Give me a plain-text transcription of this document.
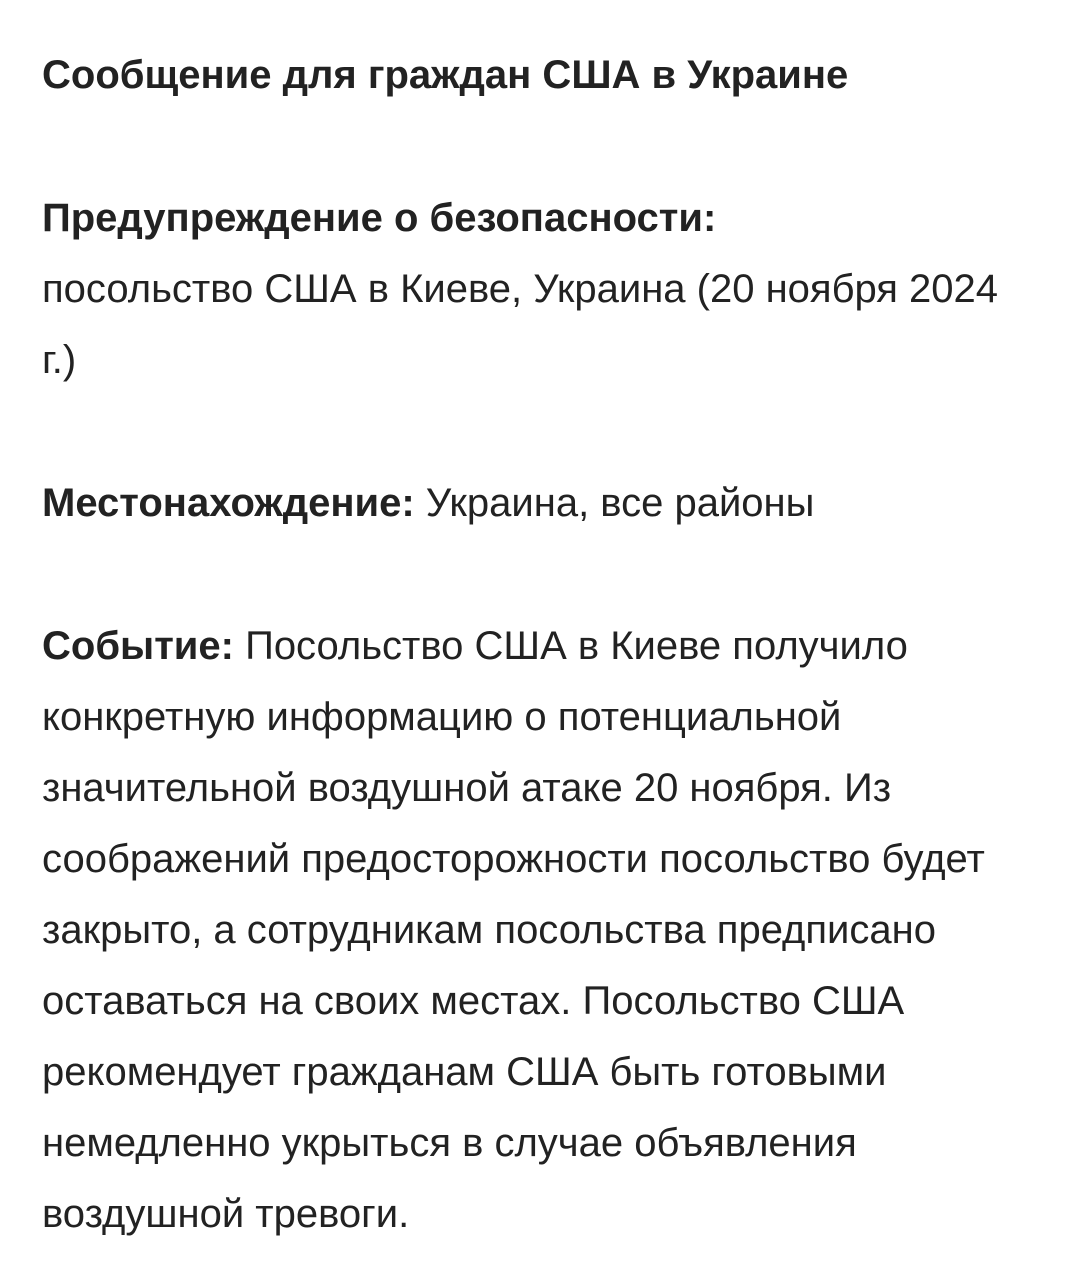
Сообщение для граждан США в Украине

Предупреждение о безопасности:
посольство США в Киеве, Украина (20 ноября 2024 г.)

Местонахождение: Украина, все районы

Событие: Посольство США в Киеве получило конкретную информацию о потенциальной значительной воздушной атаке 20 ноября. Из соображений предосторожности посольство будет закрыто, а сотрудникам посольства предписано оставаться на своих местах. Посольство США рекомендует гражданам США быть готовыми немедленно укрыться в случае объявления воздушной тревоги.
